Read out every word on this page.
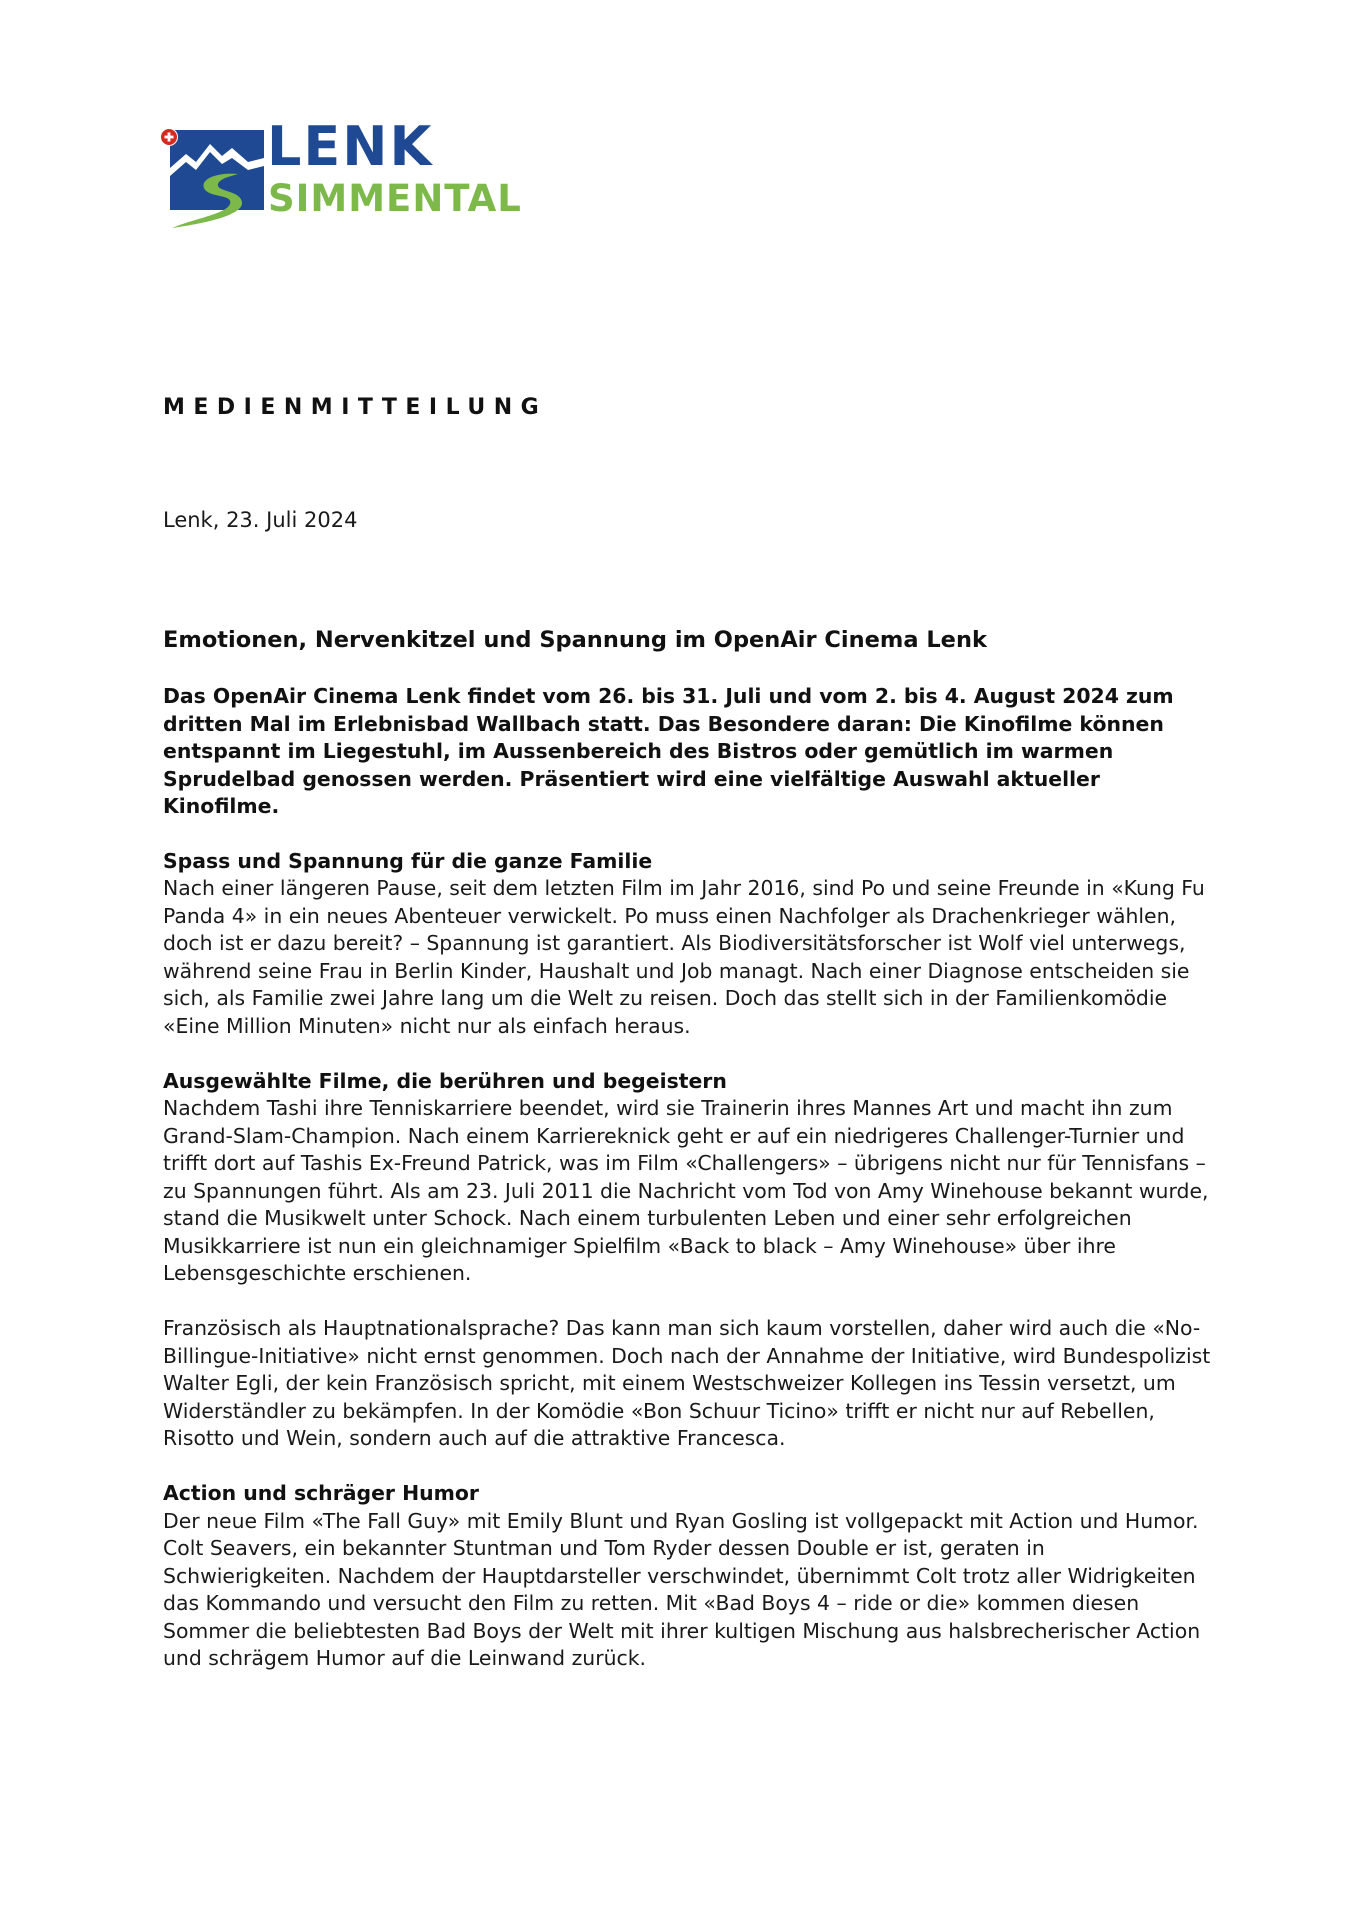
LENK
SIMMENTAL
MEDIENMITTEILUNG
Lenk, 23. Juli 2024
Emotionen, Nervenkitzel und Spannung im OpenAir Cinema Lenk

Das OpenAir Cinema Lenk findet vom 26. bis 31. Juli und vom 2. bis 4. August 2024 zum dritten Mal im Erlebnisbad Wallbach statt. Das Besondere daran: Die Kinofilme können entspannt im Liegestuhl, im Aussenbereich des Bistros oder gemütlich im warmen Sprudelbad genossen werden. Präsentiert wird eine vielfältige Auswahl aktueller Kinofilme.

Spass und Spannung für die ganze Familie

Nach einer längeren Pause, seit dem letzten Film im Jahr 2016, sind Po und seine Freunde in «Kung Fu Panda 4» in ein neues Abenteuer verwickelt. Po muss einen Nachfolger als Drachenkrieger wählen, doch ist er dazu bereit? – Spannung ist garantiert. Als Biodiversitätsforscher ist Wolf viel unterwegs, während seine Frau in Berlin Kinder, Haushalt und Job managt. Nach einer Diagnose entscheiden sie sich, als Familie zwei Jahre lang um die Welt zu reisen. Doch das stellt sich in der Familienkomödie «Eine Million Minuten» nicht nur als einfach heraus.

Ausgewählte Filme, die berühren und begeistern

Nachdem Tashi ihre Tenniskarriere beendet, wird sie Trainerin ihres Mannes Art und macht ihn zum Grand-Slam-Champion. Nach einem Karriereknick geht er auf ein niedrigeres Challenger-Turnier und trifft dort auf Tashis Ex-Freund Patrick, was im Film «Challengers» – übrigens nicht nur für Tennisfans – zu Spannungen führt. Als am 23. Juli 2011 die Nachricht vom Tod von Amy Winehouse bekannt wurde, stand die Musikwelt unter Schock. Nach einem turbulenten Leben und einer sehr erfolgreichen Musikkarriere ist nun ein gleichnamiger Spielfilm «Back to black – Amy Winehouse» über ihre Lebensgeschichte erschienen.

Französisch als Hauptnationalsprache? Das kann man sich kaum vorstellen, daher wird auch die «No-Billingue-Initiative» nicht ernst genommen. Doch nach der Annahme der Initiative, wird Bundespolizist Walter Egli, der kein Französisch spricht, mit einem Westschweizer Kollegen ins Tessin versetzt, um Widerständler zu bekämpfen. In der Komödie «Bon Schuur Ticino» trifft er nicht nur auf Rebellen, Risotto und Wein, sondern auch auf die attraktive Francesca.

Action und schräger Humor

Der neue Film «The Fall Guy» mit Emily Blunt und Ryan Gosling ist vollgepackt mit Action und Humor. Colt Seavers, ein bekannter Stuntman und Tom Ryder dessen Double er ist, geraten in Schwierigkeiten. Nachdem der Hauptdarsteller verschwindet, übernimmt Colt trotz aller Widrigkeiten das Kommando und versucht den Film zu retten. Mit «Bad Boys 4 – ride or die» kommen diesen Sommer die beliebtesten Bad Boys der Welt mit ihrer kultigen Mischung aus halsbrecherischer Action und schrägem Humor auf die Leinwand zurück.
